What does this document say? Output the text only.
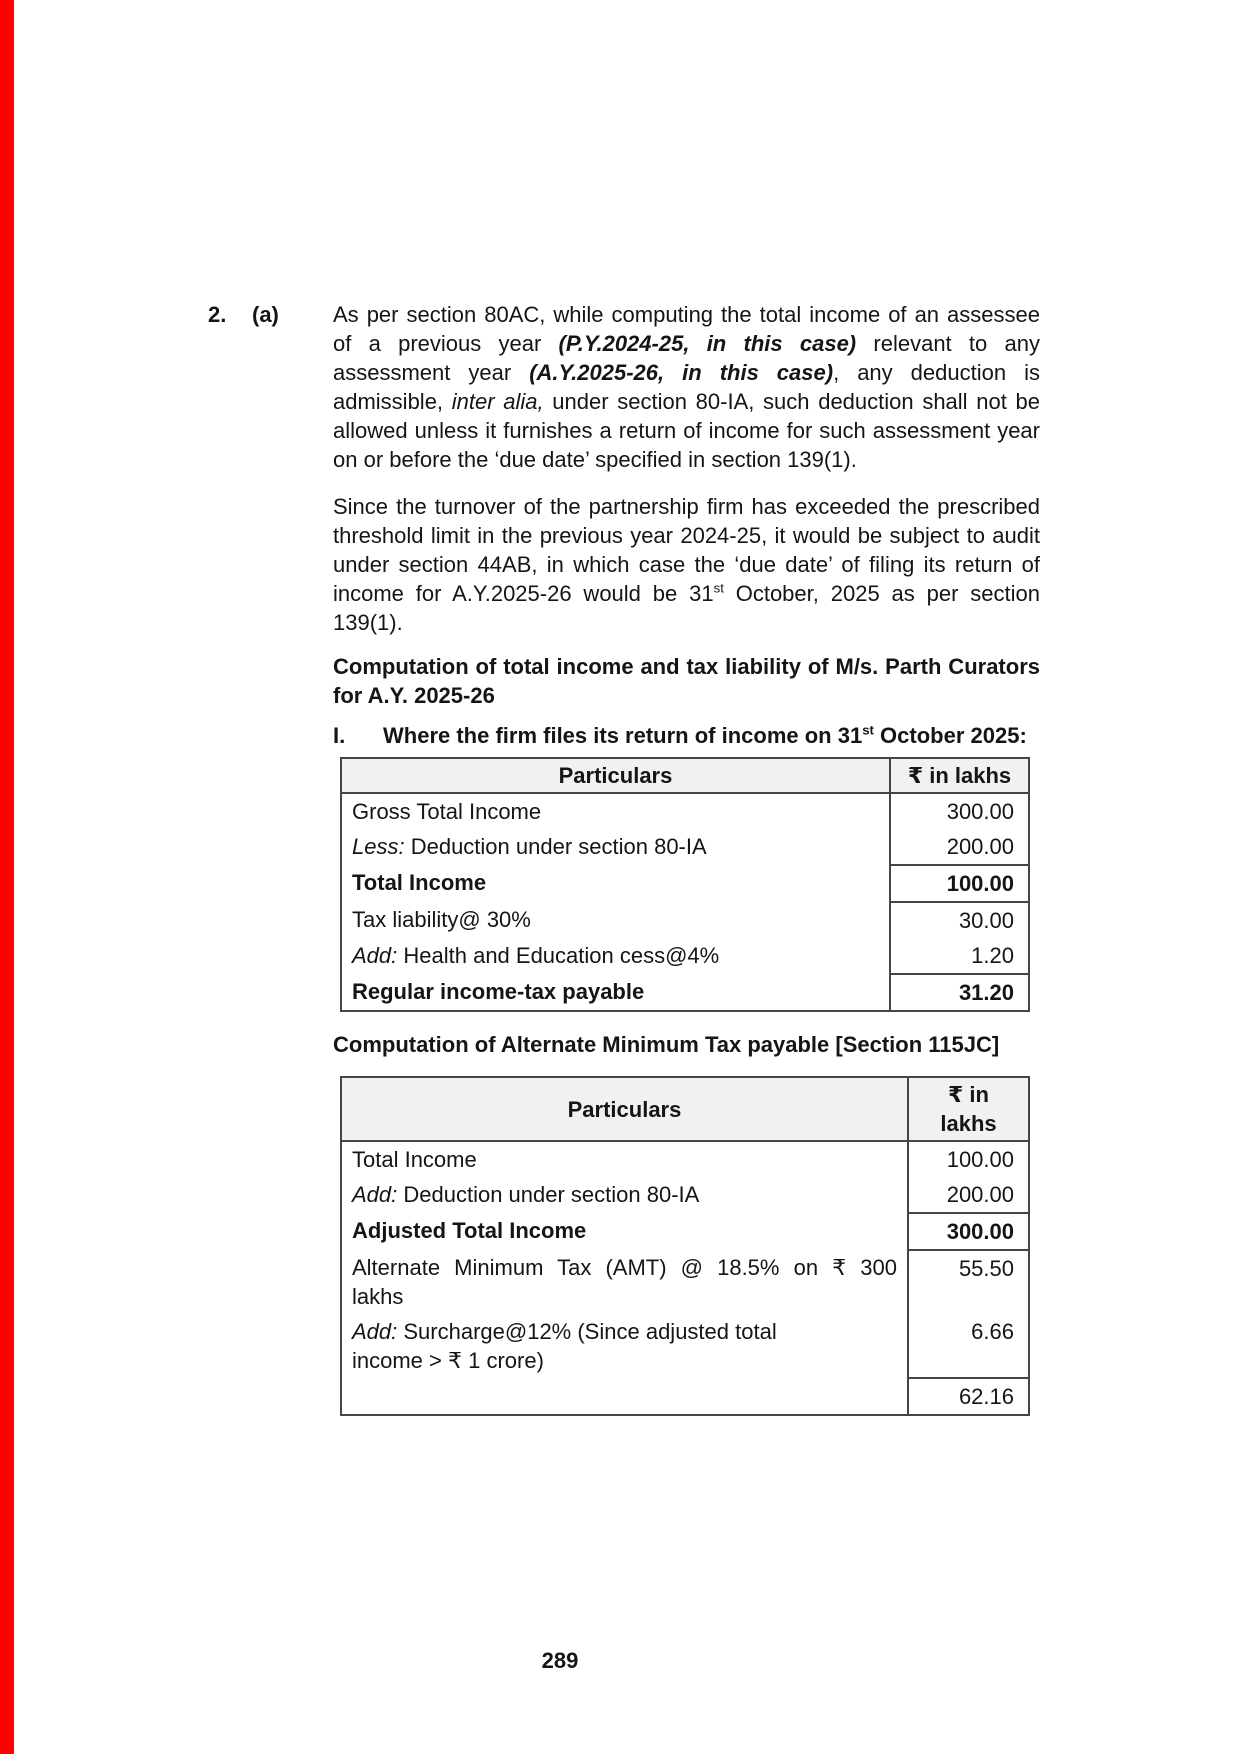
2.	(a)	As per section 80AC, while computing the total income of an assessee of a previous year (P.Y.2024-25, in this case) relevant to any assessment year (A.Y.2025-26, in this case), any deduction is admissible, inter alia, under section 80-IA, such deduction shall not be allowed unless it furnishes a return of income for such assessment year on or before the ‘due date’ specified in section 139(1).

Since the turnover of the partnership firm has exceeded the prescribed threshold limit in the previous year 2024-25, it would be subject to audit under section 44AB, in which case the ‘due date’ of filing its return of income for A.Y.2025-26 would be 31st October, 2025 as per section 139(1).

Computation of total income and tax liability of M/s. Parth Curators for A.Y. 2025-26

I.	Where the firm files its return of income on 31st October 2025:
Particulars	₹ in lakhs

Gross Total Income	300.00

Less: Deduction under section 80-IA	200.00

Total Income	100.00

Tax liability@ 30%	30.00

Add: Health and Education cess@4%	1.20

Regular income-tax payable	31.20

Computation of Alternate Minimum Tax payable [Section 115JC]

Particulars	₹ in lakhs

Total Income	100.00

Add: Deduction under section 80-IA	200.00

Adjusted Total Income	300.00

Alternate Minimum Tax (AMT) @ 18.5% on ₹ 300
lakhs	55.50

Add: Surcharge@12% (Since adjusted total
income > ₹ 1 crore)	6.66

	62.16
289
